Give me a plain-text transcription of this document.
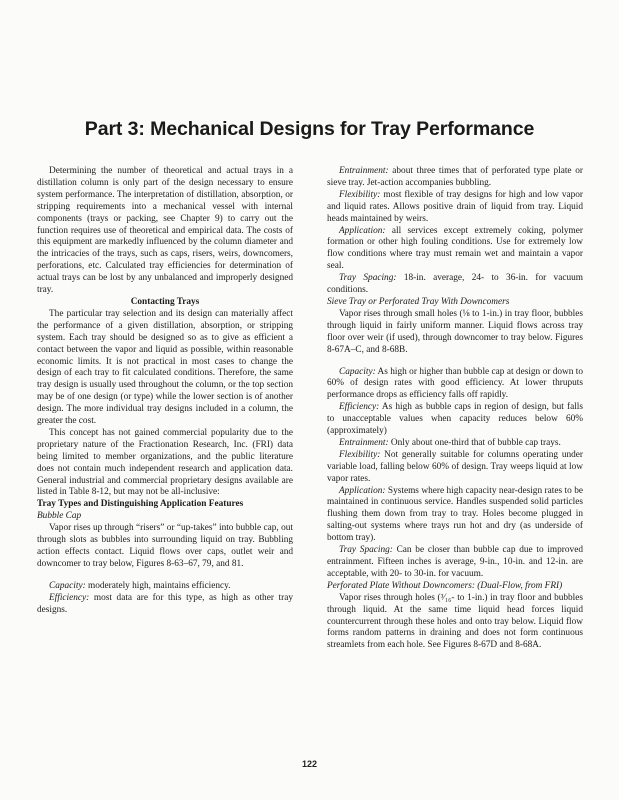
Part 3: Mechanical Designs for Tray Performance

Determining the number of theoretical and actual trays in a distillation column is only part of the design necessary to ensure system performance. The interpretation of distillation, absorption, or stripping requirements into a mechanical vessel with internal components (trays or packing, see Chapter 9) to carry out the function requires use of theoretical and empirical data. The costs of this equipment are markedly influenced by the column diameter and the intricacies of the trays, such as caps, risers, weirs, downcomers, perforations, etc. Calculated tray efficiencies for determination of actual trays can be lost by any unbalanced and improperly designed tray.

Contacting Trays

The particular tray selection and its design can materially affect the performance of a given distillation, absorption, or stripping system. Each tray should be designed so as to give as efficient a contact between the vapor and liquid as possible, within reasonable economic limits. It is not practical in most cases to change the design of each tray to fit calculated conditions. Therefore, the same tray design is usually used throughout the column, or the top section may be of one design (or type) while the lower section is of another design. The more individual tray designs included in a column, the greater the cost.

This concept has not gained commercial popularity due to the proprietary nature of the Fractionation Research, Inc. (FRI) data being limited to member organizations, and the public literature does not contain much independent research and application data. General industrial and commercial proprietary designs available are listed in Table 8-12, but may not be all-inclusive:

Tray Types and Distinguishing Application Features

Bubble Cap

Vapor rises up through “risers” or “up-takes” into bubble cap, out through slots as bubbles into surrounding liquid on tray. Bubbling action effects contact. Liquid flows over caps, outlet weir and downcomer to tray below, Figures 8-63–67, 79, and 81.

Capacity: moderately high, maintains efficiency.

Efficiency: most data are for this type, as high as other tray designs.

Entrainment: about three times that of perforated type plate or sieve tray. Jet-action accompanies bubbling.

Flexibility: most flexible of tray designs for high and low vapor and liquid rates. Allows positive drain of liquid from tray. Liquid heads maintained by weirs.

Application: all services except extremely coking, polymer formation or other high fouling conditions. Use for extremely low flow conditions where tray must remain wet and maintain a vapor seal.

Tray Spacing: 18-in. average, 24- to 36-in. for vacuum conditions.

Sieve Tray or Perforated Tray With Downcomers

Vapor rises through small holes (⅛ to 1-in.) in tray floor, bubbles through liquid in fairly uniform manner. Liquid flows across tray floor over weir (if used), through downcomer to tray below. Figures 8-67A–C, and 8-68B.

Capacity: As high or higher than bubble cap at design or down to 60% of design rates with good efficiency. At lower thruputs performance drops as efficiency falls off rapidly.

Efficiency: As high as bubble caps in region of design, but falls to unacceptable values when capacity reduces below 60% (approximately)

Entrainment: Only about one-third that of bubble cap trays.

Flexibility: Not generally suitable for columns operating under variable load, falling below 60% of design. Tray weeps liquid at low vapor rates.

Application: Systems where high capacity near-design rates to be maintained in continuous service. Handles suspended solid particles flushing them down from tray to tray. Holes become plugged in salting-out systems where trays run hot and dry (as underside of bottom tray).

Tray Spacing: Can be closer than bubble cap due to improved entrainment. Fifteen inches is average, 9-in., 10-in. and 12-in. are acceptable, with 20- to 30-in. for vacuum.

Perforated Plate Without Downcomers: (Dual-Flow, from FRI)

Vapor rises through holes (³⁄₁₆- to 1-in.) in tray floor and bubbles through liquid. At the same time liquid head forces liquid countercurrent through these holes and onto tray below. Liquid flow forms random patterns in draining and does not form continuous streamlets from each hole. See Figures 8-67D and 8-68A.

122
